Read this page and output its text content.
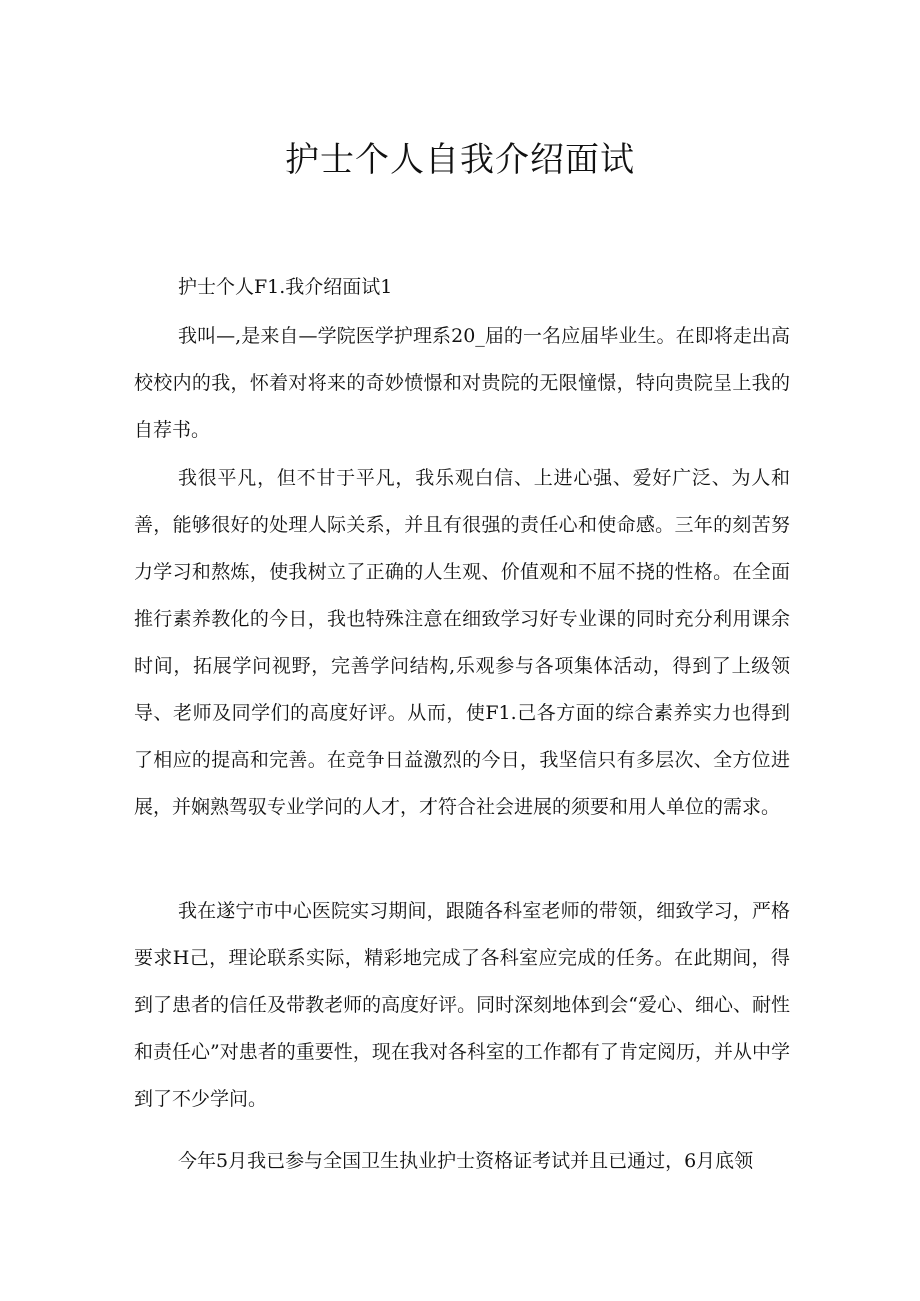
护士个人自我介绍面试

护士个人F1.我介绍面试1

我叫—,是来自—学院医学护理系20_届的一名应届毕业生。在即将走出高校校内的我，怀着对将来的奇妙愤憬和对贵院的无限憧憬，特向贵院呈上我的自荐书。

我很平凡，但不甘于平凡，我乐观白信、上进心强、爱好广泛、为人和善，能够很好的处理人际关系，并且有很强的责任心和使命感。三年的刻苦努力学习和熬炼，使我树立了正确的人生观、价值观和不屈不挠的性格。在全面推行素养教化的今日，我也特殊注意在细致学习好专业课的同时充分利用课余时间，拓展学问视野，完善学问结构,乐观参与各项集体活动，得到了上级领导、老师及同学们的高度好评。从而，使F1.己各方面的综合素养实力也得到了相应的提高和完善。在竞争日益激烈的今日，我坚信只有多层次、全方位进展，并娴熟驾驭专业学问的人才，才符合社会进展的须要和用人单位的需求。

我在遂宁市中心医院实习期间，跟随各科室老师的带领，细致学习，严格要求H己，理论联系实际，精彩地完成了各科室应完成的任务。在此期间，得到了患者的信任及带教老师的高度好评。同时深刻地体到会“爱心、细心、耐性和责任心”对患者的重要性，现在我对各科室的工作都有了肯定阅历，并从中学到了不少学问。

今年5月我已参与全国卫生执业护士资格证考试并且已通过，6月底领
